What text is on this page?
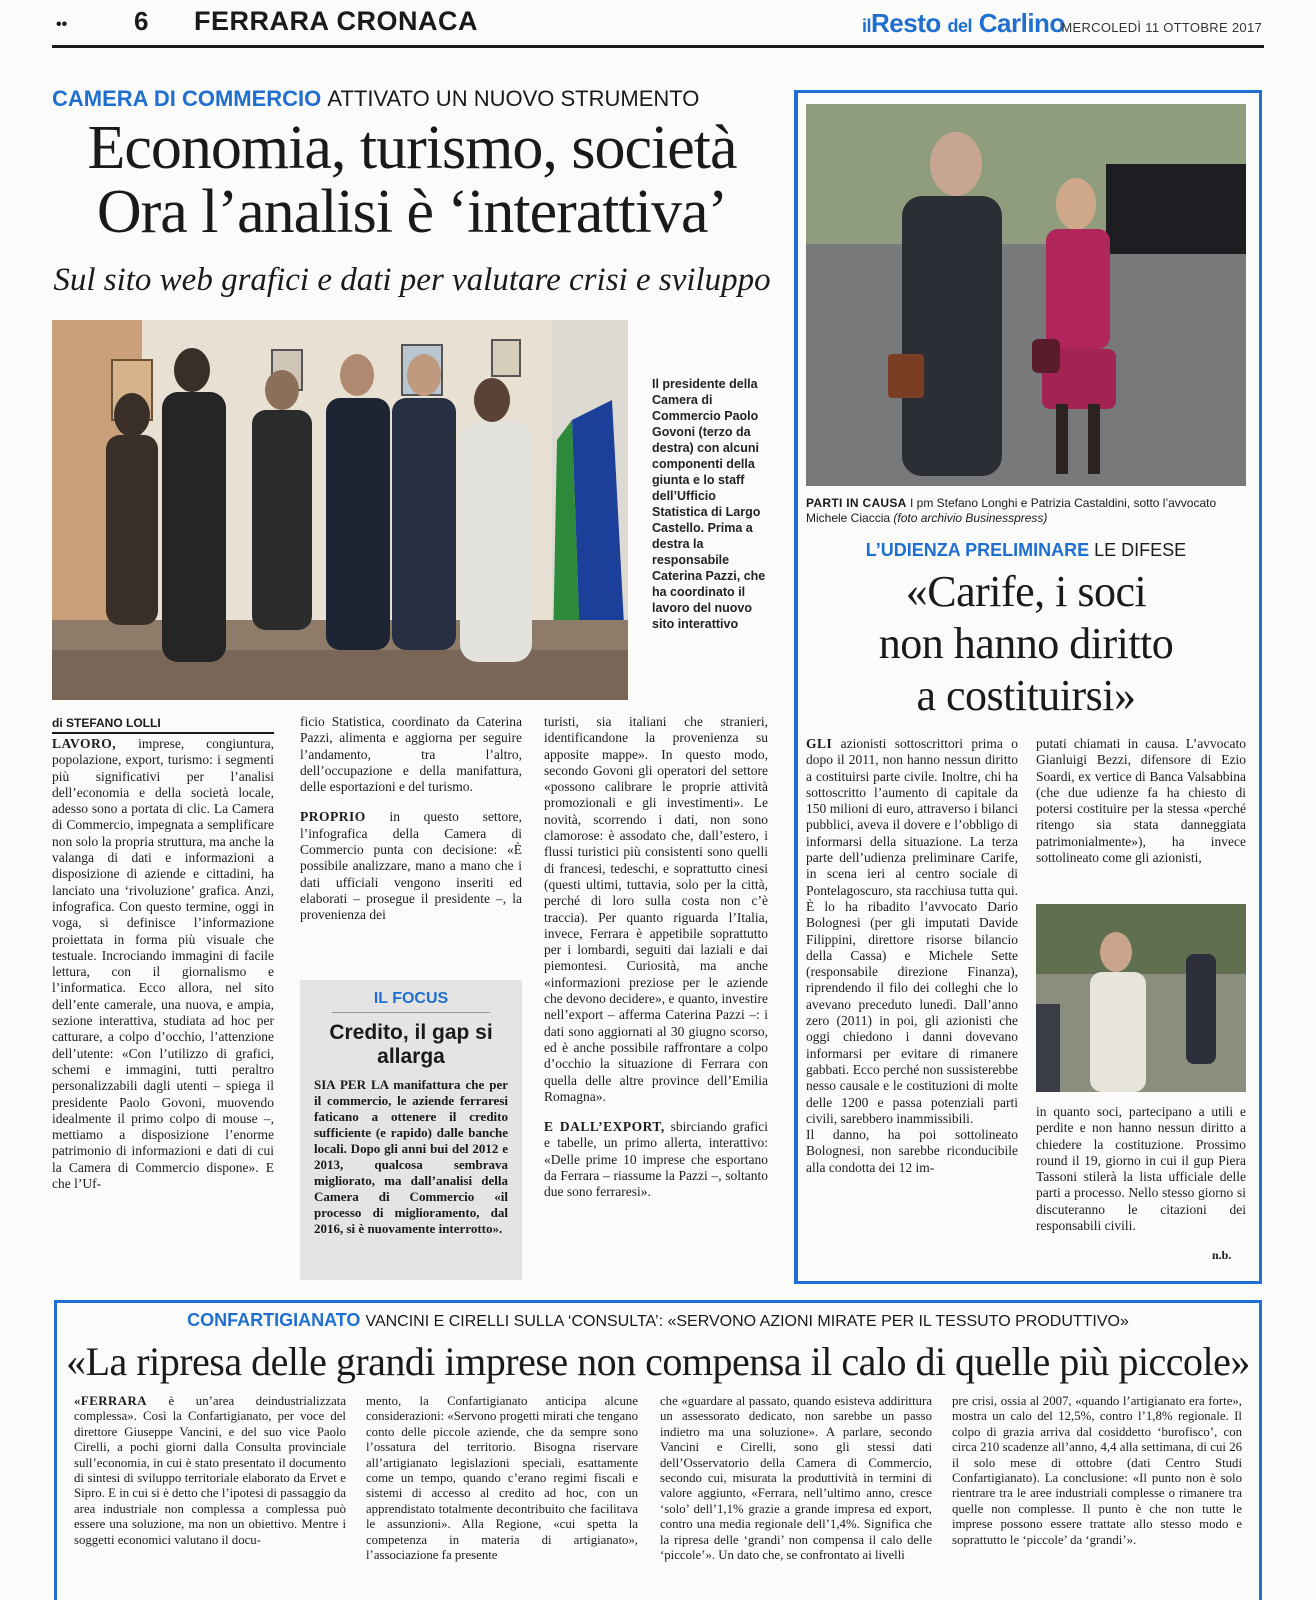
••	6 FERRARA CRONACA	ilResto del Carlino
MERCOLEDÌ 11 OTTOBRE 2017
CAMERA DI COMMERCIO ATTIVATO UN NUOVO STRUMENTO
Economia, turismo, società
Ora l’analisi è ‘interattiva’
Sul sito web grafici e dati per valutare crisi e sviluppo
Il presidente della Camera di Commercio Paolo Govoni (terzo da destra) con alcuni componenti della giunta e lo staff dell’Ufficio Statistica di Largo Castello. Prima a destra la responsabile Caterina Pazzi, che ha coordinato il lavoro del nuovo sito interattivo
di STEFANO LOLLI
LAVORO, imprese, congiuntura, popolazione, export, turismo: i segmenti più significativi per l’analisi dell’economia e della società locale, adesso sono a portata di clic. La Camera di Commercio, impegnata a semplificare non solo la propria struttura, ma anche la valanga di dati e informazioni a disposizione di aziende e cittadini, ha lanciato una ‘rivoluzione’ grafica. Anzi, infografica. Con questo termine, oggi in voga, si definisce l’informazione proiettata in forma più visuale che testuale. Incrociando immagini di facile lettura, con il giornalismo e l’informatica. Ecco allora, nel sito dell’ente camerale, una nuova, e ampia, sezione interattiva, studiata ad hoc per catturare, a colpo d’occhio, l’attenzione dell’utente: «Con l’utilizzo di grafici, schemi e immagini, tutti peraltro personalizzabili dagli utenti – spiega il presidente Paolo Govoni, muovendo idealmente il primo colpo di mouse –, mettiamo a disposizione l’enorme patrimonio di informazioni e dati di cui la Camera di Commercio dispone». E che l’Uf-
ficio Statistica, coordinato da Caterina Pazzi, alimenta e aggiorna per seguire l’andamento, tra l’altro, dell’occupazione e della manifattura, delle esportazioni e del turismo.
PROPRIO in questo settore, l’infografica della Camera di Commercio punta con decisione: «È possibile analizzare, mano a mano che i dati ufficiali vengono inseriti ed elaborati – prosegue il presidente –, la provenienza dei
IL FOCUS
Credito, il gap si allarga
SIA PER LA manifattura che per il commercio, le aziende ferraresi faticano a ottenere il credito sufficiente (e rapido) dalle banche locali. Dopo gli anni bui del 2012 e 2013, qualcosa sembrava migliorato, ma dall’analisi della Camera di Commercio «il processo di miglioramento, dal 2016, si è nuovamente interrotto».
turisti, sia italiani che stranieri, identificandone la provenienza su apposite mappe». In questo modo, secondo Govoni gli operatori del settore «possono calibrare le proprie attività promozionali e gli investimenti». Le novità, scorrendo i dati, non sono clamorose: è assodato che, dall’estero, i flussi turistici più consistenti sono quelli di francesi, tedeschi, e soprattutto cinesi (questi ultimi, tuttavia, solo per la città, perché di loro sulla costa non c’è traccia). Per quanto riguarda l’Italia, invece, Ferrara è appetibile soprattutto per i lombardi, seguiti dai laziali e dai piemontesi. Curiosità, ma anche «informazioni preziose per le aziende che devono decidere», e quanto, investire nell’export – afferma Caterina Pazzi –: i dati sono aggiornati al 30 giugno scorso, ed è anche possibile raffrontare a colpo d’occhio la situazione di Ferrara con quella delle altre province dell’Emilia Romagna».
E DALL’EXPORT, sbirciando grafici e tabelle, un primo allerta, interattivo: «Delle prime 10 imprese che esportano da Ferrara – riassume la Pazzi –, soltanto due sono ferraresi».
PARTI IN CAUSA I pm Stefano Longhi e Patrizia Castaldini, sotto l’avvocato Michele Ciaccia (foto archivio Businesspress)
L’UDIENZA PRELIMINARE LE DIFESE
«Carife, i soci
non hanno diritto
a costituirsi»
GLI azionisti sottoscrittori prima o dopo il 2011, non hanno nessun diritto a costituirsi parte civile. Inoltre, chi ha sottoscritto l’aumento di capitale da 150 milioni di euro, attraverso i bilanci pubblici, aveva il dovere e l’obbligo di informarsi della situazione. La terza parte dell’udienza preliminare Carife, in scena ieri al centro sociale di Pontelagoscuro, sta racchiusa tutta qui. È lo ha ribadito l’avvocato Dario Bolognesi (per gli imputati Davide Filippini, direttore risorse bilancio della Cassa) e Michele Sette (responsabile direzione Finanza), riprendendo il filo dei colleghi che lo avevano preceduto lunedì. Dall’anno zero (2011) in poi, gli azionisti che oggi chiedono i danni dovevano informarsi per evitare di rimanere gabbati. Ecco perché non sussisterebbe nesso causale e le costituzioni di molte delle 1200 e passa potenziali parti civili, sarebbero inammissibili.
Il danno, ha poi sottolineato Bolognesi, non sarebbe riconducibile alla condotta dei 12 im-
putati chiamati in causa. L’avvocato Gianluigi Bezzi, difensore di Ezio Soardi, ex vertice di Banca Valsabbina (che due udienze fa ha chiesto di potersi costituire per la stessa «perché ritengo sia stata danneggiata patrimonialmente»), ha invece sottolineato come gli azionisti,
in quanto soci, partecipano a utili e perdite e non hanno nessun diritto a chiedere la costituzione. Prossimo round il 19, giorno in cui il gup Piera Tassoni stilerà la lista ufficiale delle parti a processo. Nello stesso giorno si discuteranno le citazioni dei responsabili civili.
n.b.
CONFARTIGIANATO VANCINI E CIRELLI SULLA ‘CONSULTA’: «SERVONO AZIONI MIRATE PER IL TESSUTO PRODUTTIVO»
«La ripresa delle grandi imprese non compensa il calo di quelle più piccole»
«FERRARA è un’area deindustrializzata complessa». Così la Confartigianato, per voce del direttore Giuseppe Vancini, e del suo vice Paolo Cirelli, a pochi giorni dalla Consulta provinciale sull’economia, in cui è stato presentato il documento di sintesi di sviluppo territoriale elaborato da Ervet e Sipro. E in cui si è detto che l’ipotesi di passaggio da area industriale non complessa a complessa può essere una soluzione, ma non un obiettivo. Mentre i soggetti economici valutano il docu-
mento, la Confartigianato anticipa alcune considerazioni: «Servono progetti mirati che tengano conto delle piccole aziende, che da sempre sono l’ossatura del territorio. Bisogna riservare all’artigianato legislazioni speciali, esattamente come un tempo, quando c’erano regimi fiscali e sistemi di accesso al credito ad hoc, con un apprendistato totalmente decontribuito che facilitava le assunzioni». Alla Regione, «cui spetta la competenza in materia di artigianato», l’associazione fa presente
che «guardare al passato, quando esisteva addirittura un assessorato dedicato, non sarebbe un passo indietro ma una soluzione». A parlare, secondo Vancini e Cirelli, sono gli stessi dati dell’Osservatorio della Camera di Commercio, secondo cui, misurata la produttività in termini di valore aggiunto, «Ferrara, nell’ultimo anno, cresce ‘solo’ dell’1,1% grazie a grande impresa ed export, contro una media regionale dell’1,4%. Significa che la ripresa delle ‘grandi’ non compensa il calo delle ‘piccole’». Un dato che, se confrontato ai livelli
pre crisi, ossia al 2007, «quando l’artigianato era forte», mostra un calo del 12,5%, contro l’1,8% regionale. Il colpo di grazia arriva dal cosiddetto ‘burofisco’, con circa 210 scadenze all’anno, 4,4 alla settimana, di cui 26 il solo mese di ottobre (dati Centro Studi Confartigianato). La conclusione: «Il punto non è solo rientrare tra le aree industriali complesse o rimanere tra quelle non complesse. Il punto è che non tutte le imprese possono essere trattate allo stesso modo e soprattutto le ‘piccole’ da ‘grandi’».
